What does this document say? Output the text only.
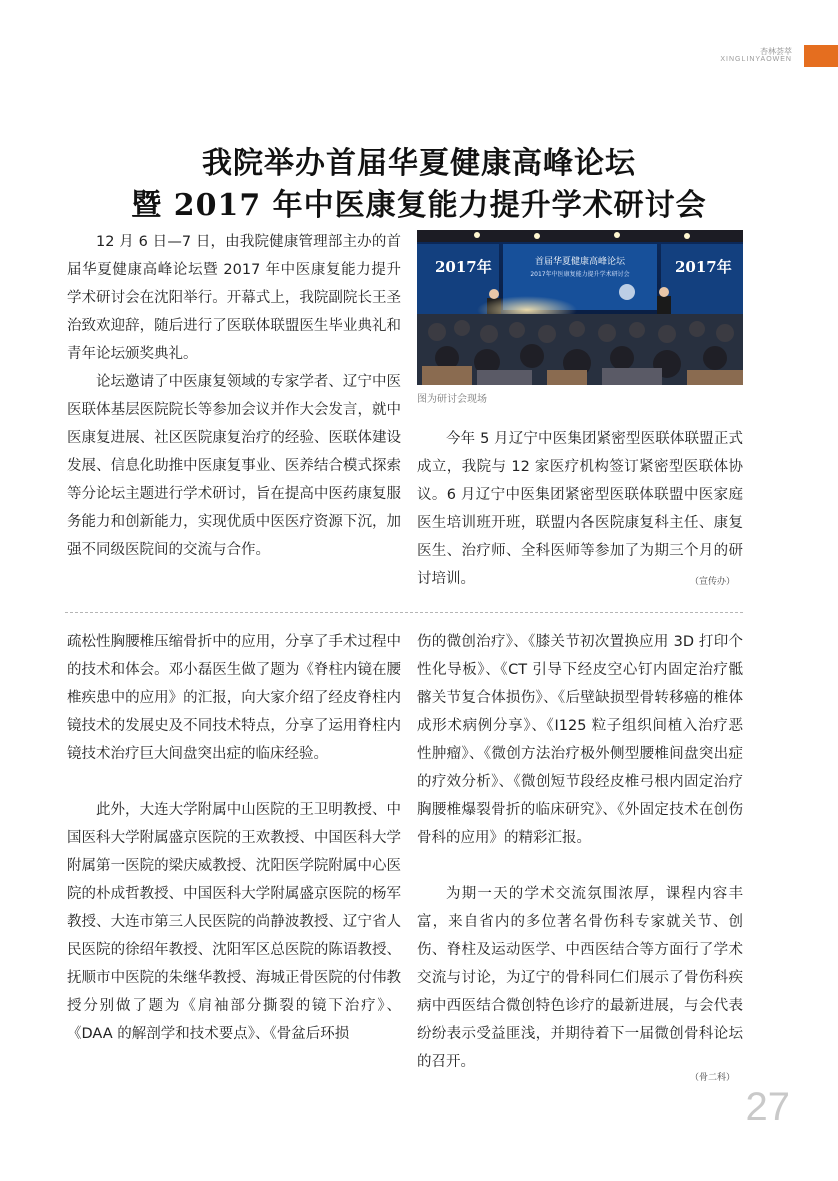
杏林荟萃
XINGLINYAOWEN
我院举办首届华夏健康高峰论坛
暨 2017 年中医康复能力提升学术研讨会

12 月 6 日—7 日，由我院健康管理部主办的首届华夏健康高峰论坛暨 2017 年中医康复能力提升学术研讨会在沈阳举行。开幕式上，我院副院长王圣治致欢迎辞，随后进行了医联体联盟医生毕业典礼和青年论坛颁奖典礼。

论坛邀请了中医康复领域的专家学者、辽宁中医医联体基层医院院长等参加会议并作大会发言，就中医康复进展、社区医院康复治疗的经验、医联体建设发展、信息化助推中医康复事业、医养结合模式探索等分论坛主题进行学术研讨，旨在提高中医药康复服务能力和创新能力，实现优质中医医疗资源下沉，加强不同级医院间的交流与合作。

2017年	2017年
首届华夏健康高峰论坛
2017年中医康复能力提升学术研讨会
图为研讨会现场

今年 5 月辽宁中医集团紧密型医联体联盟正式成立，我院与 12 家医疗机构签订紧密型医联体协议。6 月辽宁中医集团紧密型医联体联盟中医家庭医生培训班开班，联盟内各医院康复科主任、康复医生、治疗师、全科医师等参加了为期三个月的研讨培训。	（宣传办）

疏松性胸腰椎压缩骨折中的应用，分享了手术过程中的技术和体会。邓小磊医生做了题为《脊柱内镜在腰椎疾患中的应用》的汇报，向大家介绍了经皮脊柱内镜技术的发展史及不同技术特点，分享了运用脊柱内镜技术治疗巨大间盘突出症的临床经验。

此外，大连大学附属中山医院的王卫明教授、中国医科大学附属盛京医院的王欢教授、中国医科大学附属第一医院的梁庆威教授、沈阳医学院附属中心医院的朴成哲教授、中国医科大学附属盛京医院的杨军教授、大连市第三人民医院的尚静波教授、辽宁省人民医院的徐绍年教授、沈阳军区总医院的陈语教授、抚顺市中医院的朱继华教授、海城正骨医院的付伟教授分别做了题为《肩袖部分撕裂的镜下治疗》、《DAA 的解剖学和技术要点》、《骨盆后环损

伤的微创治疗》、《膝关节初次置换应用 3D 打印个性化导板》、《CT 引导下经皮空心钉内固定治疗骶髂关节复合体损伤》、《后壁缺损型骨转移癌的椎体成形术病例分享》、《I125 粒子组织间植入治疗恶性肿瘤》、《微创方法治疗极外侧型腰椎间盘突出症的疗效分析》、《微创短节段经皮椎弓根内固定治疗胸腰椎爆裂骨折的临床研究》、《外固定技术在创伤骨科的应用》的精彩汇报。

为期一天的学术交流氛围浓厚，课程内容丰富，来自省内的多位著名骨伤科专家就关节、创伤、脊柱及运动医学、中西医结合等方面行了学术交流与讨论，为辽宁的骨科同仁们展示了骨伤科疾病中西医结合微创特色诊疗的最新进展，与会代表纷纷表示受益匪浅，并期待着下一届微创骨科论坛的召开。

（骨二科）
27
